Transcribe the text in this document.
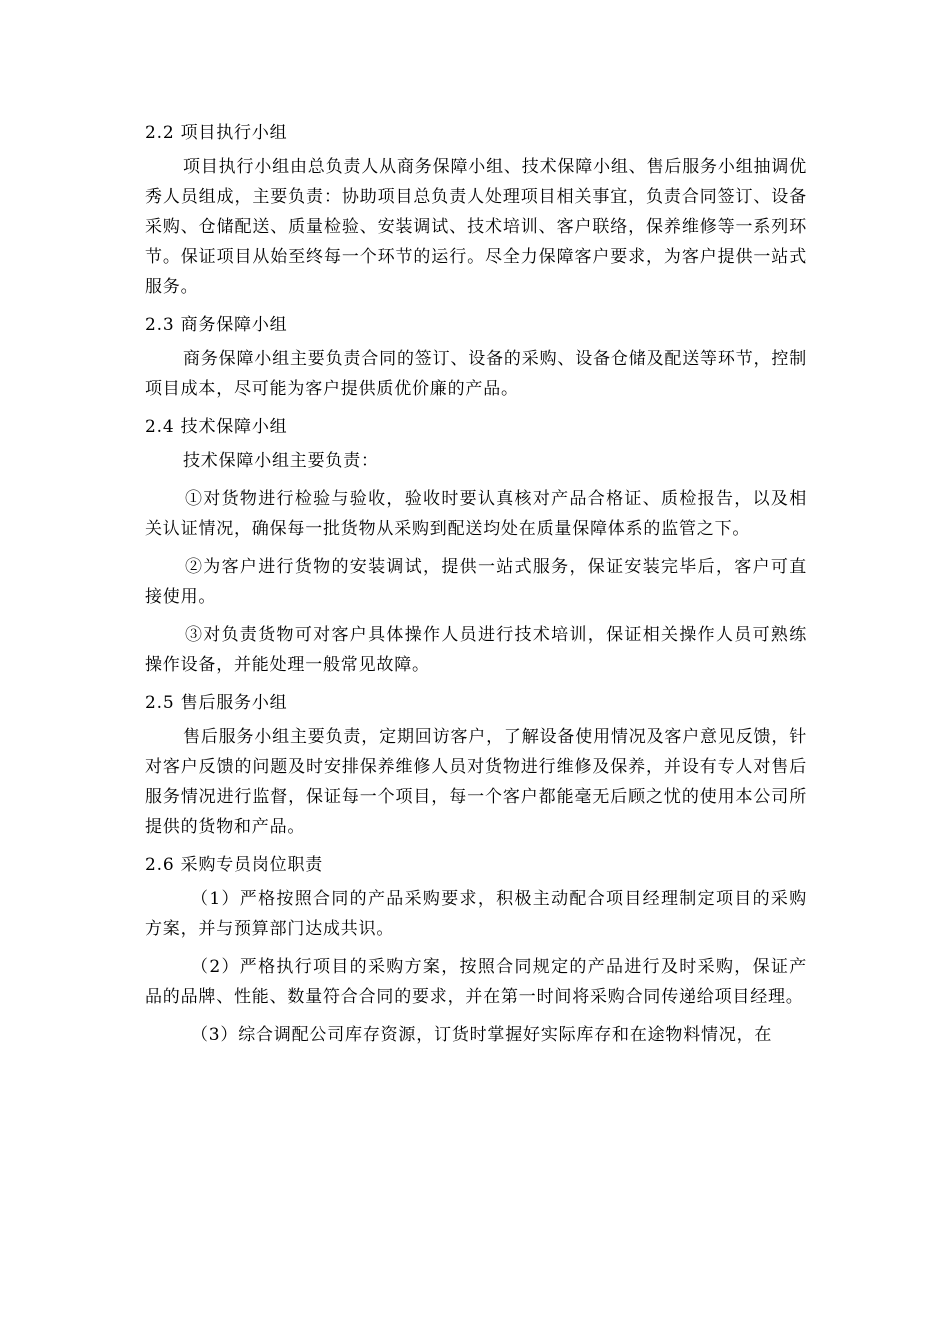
2.2 项目执行小组

项目执行小组由总负责人从商务保障小组、技术保障小组、售后服务小组抽调优秀人员组成，主要负责：协助项目总负责人处理项目相关事宜，负责合同签订、设备采购、仓储配送、质量检验、安装调试、技术培训、客户联络，保养维修等一系列环节。保证项目从始至终每一个环节的运行。尽全力保障客户要求，为客户提供一站式服务。

2.3 商务保障小组

商务保障小组主要负责合同的签订、设备的采购、设备仓储及配送等环节，控制项目成本，尽可能为客户提供质优价廉的产品。

2.4 技术保障小组

技术保障小组主要负责：

①对货物进行检验与验收，验收时要认真核对产品合格证、质检报告，以及相关认证情况，确保每一批货物从采购到配送均处在质量保障体系的监管之下。

②为客户进行货物的安装调试，提供一站式服务，保证安装完毕后，客户可直接使用。

③对负责货物可对客户具体操作人员进行技术培训，保证相关操作人员可熟练操作设备，并能处理一般常见故障。

2.5 售后服务小组

售后服务小组主要负责，定期回访客户，了解设备使用情况及客户意见反馈，针对客户反馈的问题及时安排保养维修人员对货物进行维修及保养，并设有专人对售后服务情况进行监督，保证每一个项目，每一个客户都能毫无后顾之忧的使用本公司所提供的货物和产品。

2.6 采购专员岗位职责

（1）严格按照合同的产品采购要求，积极主动配合项目经理制定项目的采购方案，并与预算部门达成共识。

（2）严格执行项目的采购方案，按照合同规定的产品进行及时采购，保证产品的品牌、性能、数量符合合同的要求，并在第一时间将采购合同传递给项目经理。

（3）综合调配公司库存资源，订货时掌握好实际库存和在途物料情况，在
